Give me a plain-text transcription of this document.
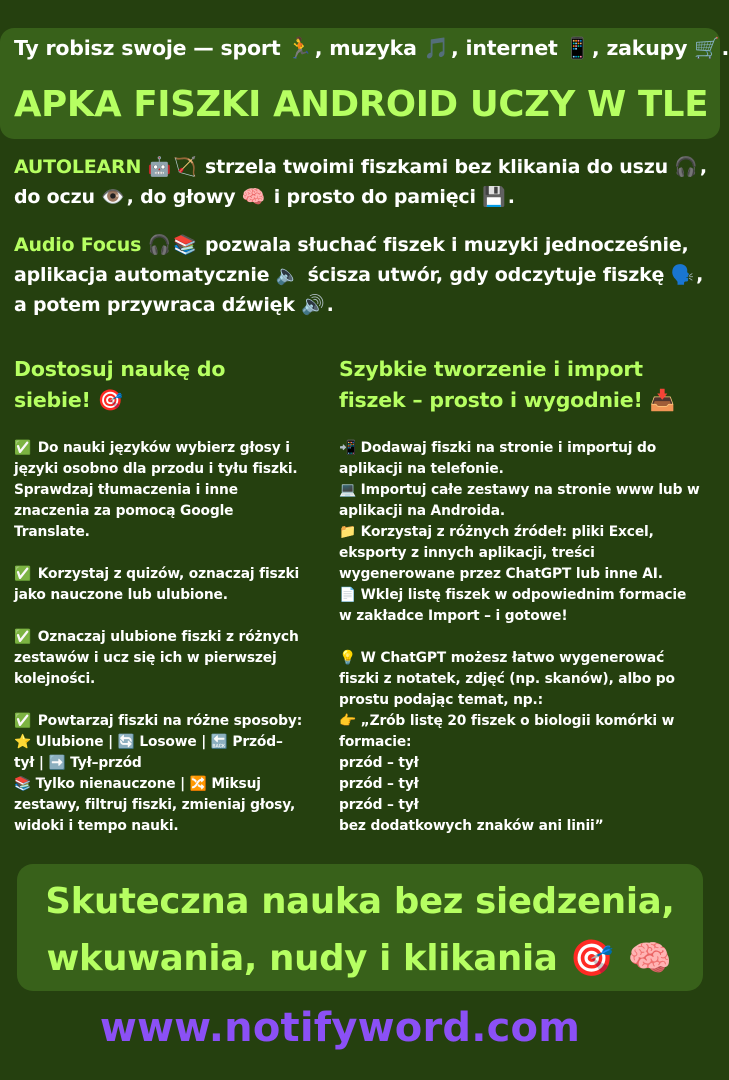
Ty robisz swoje — sport 🏃, muzyka 🎵, internet 📱, zakupy 🛒.
APKA FISZKI ANDROID UCZY W TLE
AUTOLEARN 🤖 🏹 strzela twoimi fiszkami bez klikania do uszu 🎧 , do oczu 👁️ , do głowy 🧠 i prosto do pamięci 💾 .
Audio Focus 🎧 📚 pozwala słuchać fiszek i muzyki jednocześnie, aplikacja automatycznie 🔈 ścisza utwór, gdy odczytuje fiszkę 🗣️ , a potem przywraca dźwięk 🔊 .
Dostosuj naukę do
siebie! 🎯
✅ Do nauki języków wybierz głosy i
języki osobno dla przodu i tyłu fiszki.
Sprawdzaj tłumaczenia i inne
znaczenia za pomocą Google
Translate.
✅ Korzystaj z quizów, oznaczaj fiszki
jako nauczone lub ulubione.
✅ Oznaczaj ulubione fiszki z różnych
zestawów i ucz się ich w pierwszej
kolejności.
✅ Powtarzaj fiszki na różne sposoby:
⭐ Ulubione | 🔄 Losowe | 🔙 Przód–
tył | ➡️ Tył–przód
📚 Tylko nienauczone | 🔀 Miksuj
zestawy, filtruj fiszki, zmieniaj głosy,
widoki i tempo nauki.
Szybkie tworzenie i import
fiszek – prosto i wygodnie! 📥
📲 Dodawaj fiszki na stronie i importuj do
aplikacji na telefonie.
💻 Importuj całe zestawy na stronie www lub w
aplikacji na Androida.
📁 Korzystaj z różnych źródeł: pliki Excel,
eksporty z innych aplikacji, treści
wygenerowane przez ChatGPT lub inne AI.
📄 Wklej listę fiszek w odpowiednim formacie
w zakładce Import – i gotowe!
💡 W ChatGPT możesz łatwo wygenerować
fiszki z notatek, zdjęć (np. skanów), albo po
prostu podając temat, np.:
👉 „Zrób listę 20 fiszek o biologii komórki w
formacie:
przód – tył
przód – tył
przód – tył
bez dodatkowych znaków ani linii”
Skuteczna nauka bez siedzenia,
wkuwania, nudy i klikania 🎯 🧠
www.notifyword.com
